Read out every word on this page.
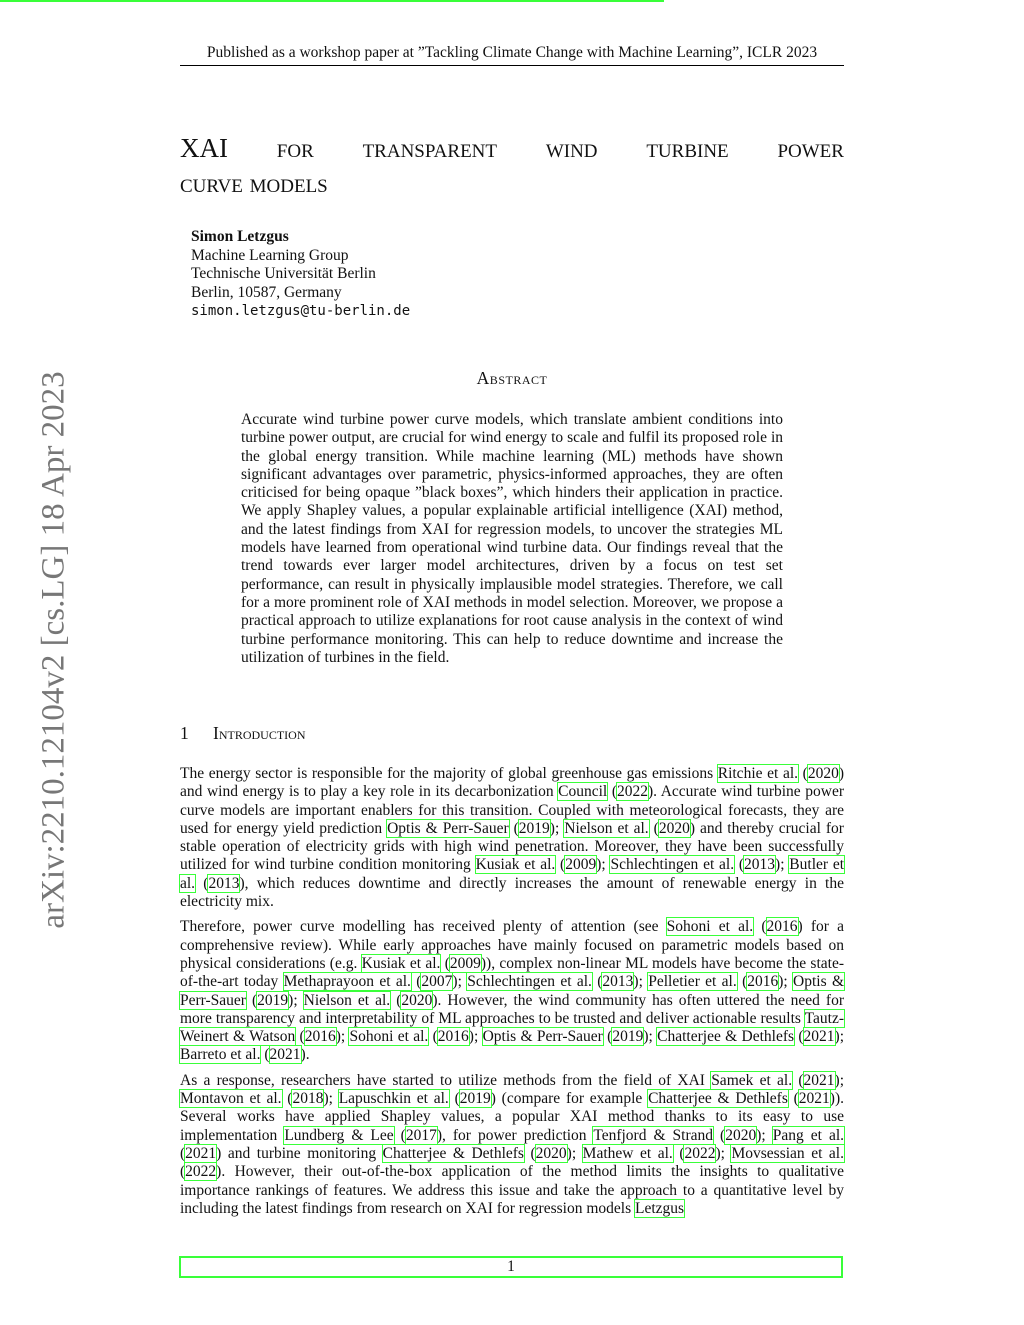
Published as a workshop paper at ”Tackling Climate Change with Machine Learning”, ICLR 2023
XAI for transparent wind turbine power
curve models
Simon Letzgus
Machine Learning Group
Technische Universität Berlin
Berlin, 10587, Germany
simon.letzgus@tu-berlin.de
arXiv:2210.12104v2 [cs.LG] 18 Apr 2023	Abstract
Accurate wind turbine power curve models, which translate ambient conditions into turbine power output, are crucial for wind energy to scale and fulfil its proposed role in the global energy transition. While machine learning (ML) methods have shown significant advantages over parametric, physics-informed approaches, they are often criticised for being opaque ”black boxes”, which hinders their application in practice. We apply Shapley values, a popular explainable artificial intelligence (XAI) method, and the latest findings from XAI for regression models, to uncover the strategies ML models have learned from operational wind turbine data. Our findings reveal that the trend towards ever larger model architectures, driven by a focus on test set performance, can result in physically implausible model strategies. Therefore, we call for a more prominent role of XAI methods in model selection. Moreover, we propose a practical approach to utilize explanations for root cause analysis in the context of wind turbine performance monitoring. This can help to reduce downtime and increase the utilization of turbines in the field.
1 Introduction

The energy sector is responsible for the majority of global greenhouse gas emissions Ritchie et al. (2020) and wind energy is to play a key role in its decarbonization Council (2022). Accurate wind turbine power curve models are important enablers for this transition. Coupled with meteorological forecasts, they are used for energy yield prediction Optis & Perr-Sauer (2019); Nielson et al. (2020) and thereby crucial for stable operation of electricity grids with high wind penetration. Moreover, they have been successfully utilized for wind turbine condition monitoring Kusiak et al. (2009); Schlechtingen et al. (2013); Butler et al. (2013), which reduces downtime and directly increases the amount of renewable energy in the electricity mix.

Therefore, power curve modelling has received plenty of attention (see Sohoni et al. (2016) for a comprehensive review). While early approaches have mainly focused on parametric models based on physical considerations (e.g. Kusiak et al. (2009)), complex non-linear ML models have become the state-of-the-art today Methaprayoon et al. (2007); Schlechtingen et al. (2013); Pelletier et al. (2016); Optis & Perr-Sauer (2019); Nielson et al. (2020). However, the wind community has often uttered the need for more transparency and interpretability of ML approaches to be trusted and deliver actionable results Tautz-Weinert & Watson (2016); Sohoni et al. (2016); Optis & Perr-Sauer (2019); Chatterjee & Dethlefs (2021); Barreto et al. (2021).

As a response, researchers have started to utilize methods from the field of XAI Samek et al. (2021); Montavon et al. (2018); Lapuschkin et al. (2019) (compare for example Chatterjee & Dethlefs (2021)). Several works have applied Shapley values, a popular XAI method thanks to its easy to use implementation Lundberg & Lee (2017), for power prediction Tenfjord & Strand (2020); Pang et al. (2021) and turbine monitoring Chatterjee & Dethlefs (2020); Mathew et al. (2022); Movsessian et al. (2022). However, their out-of-the-box application of the method limits the insights to qualitative importance rankings of features. We address this issue and take the approach to a quantitative level by including the latest findings from research on XAI for regression models Letzgus

1
